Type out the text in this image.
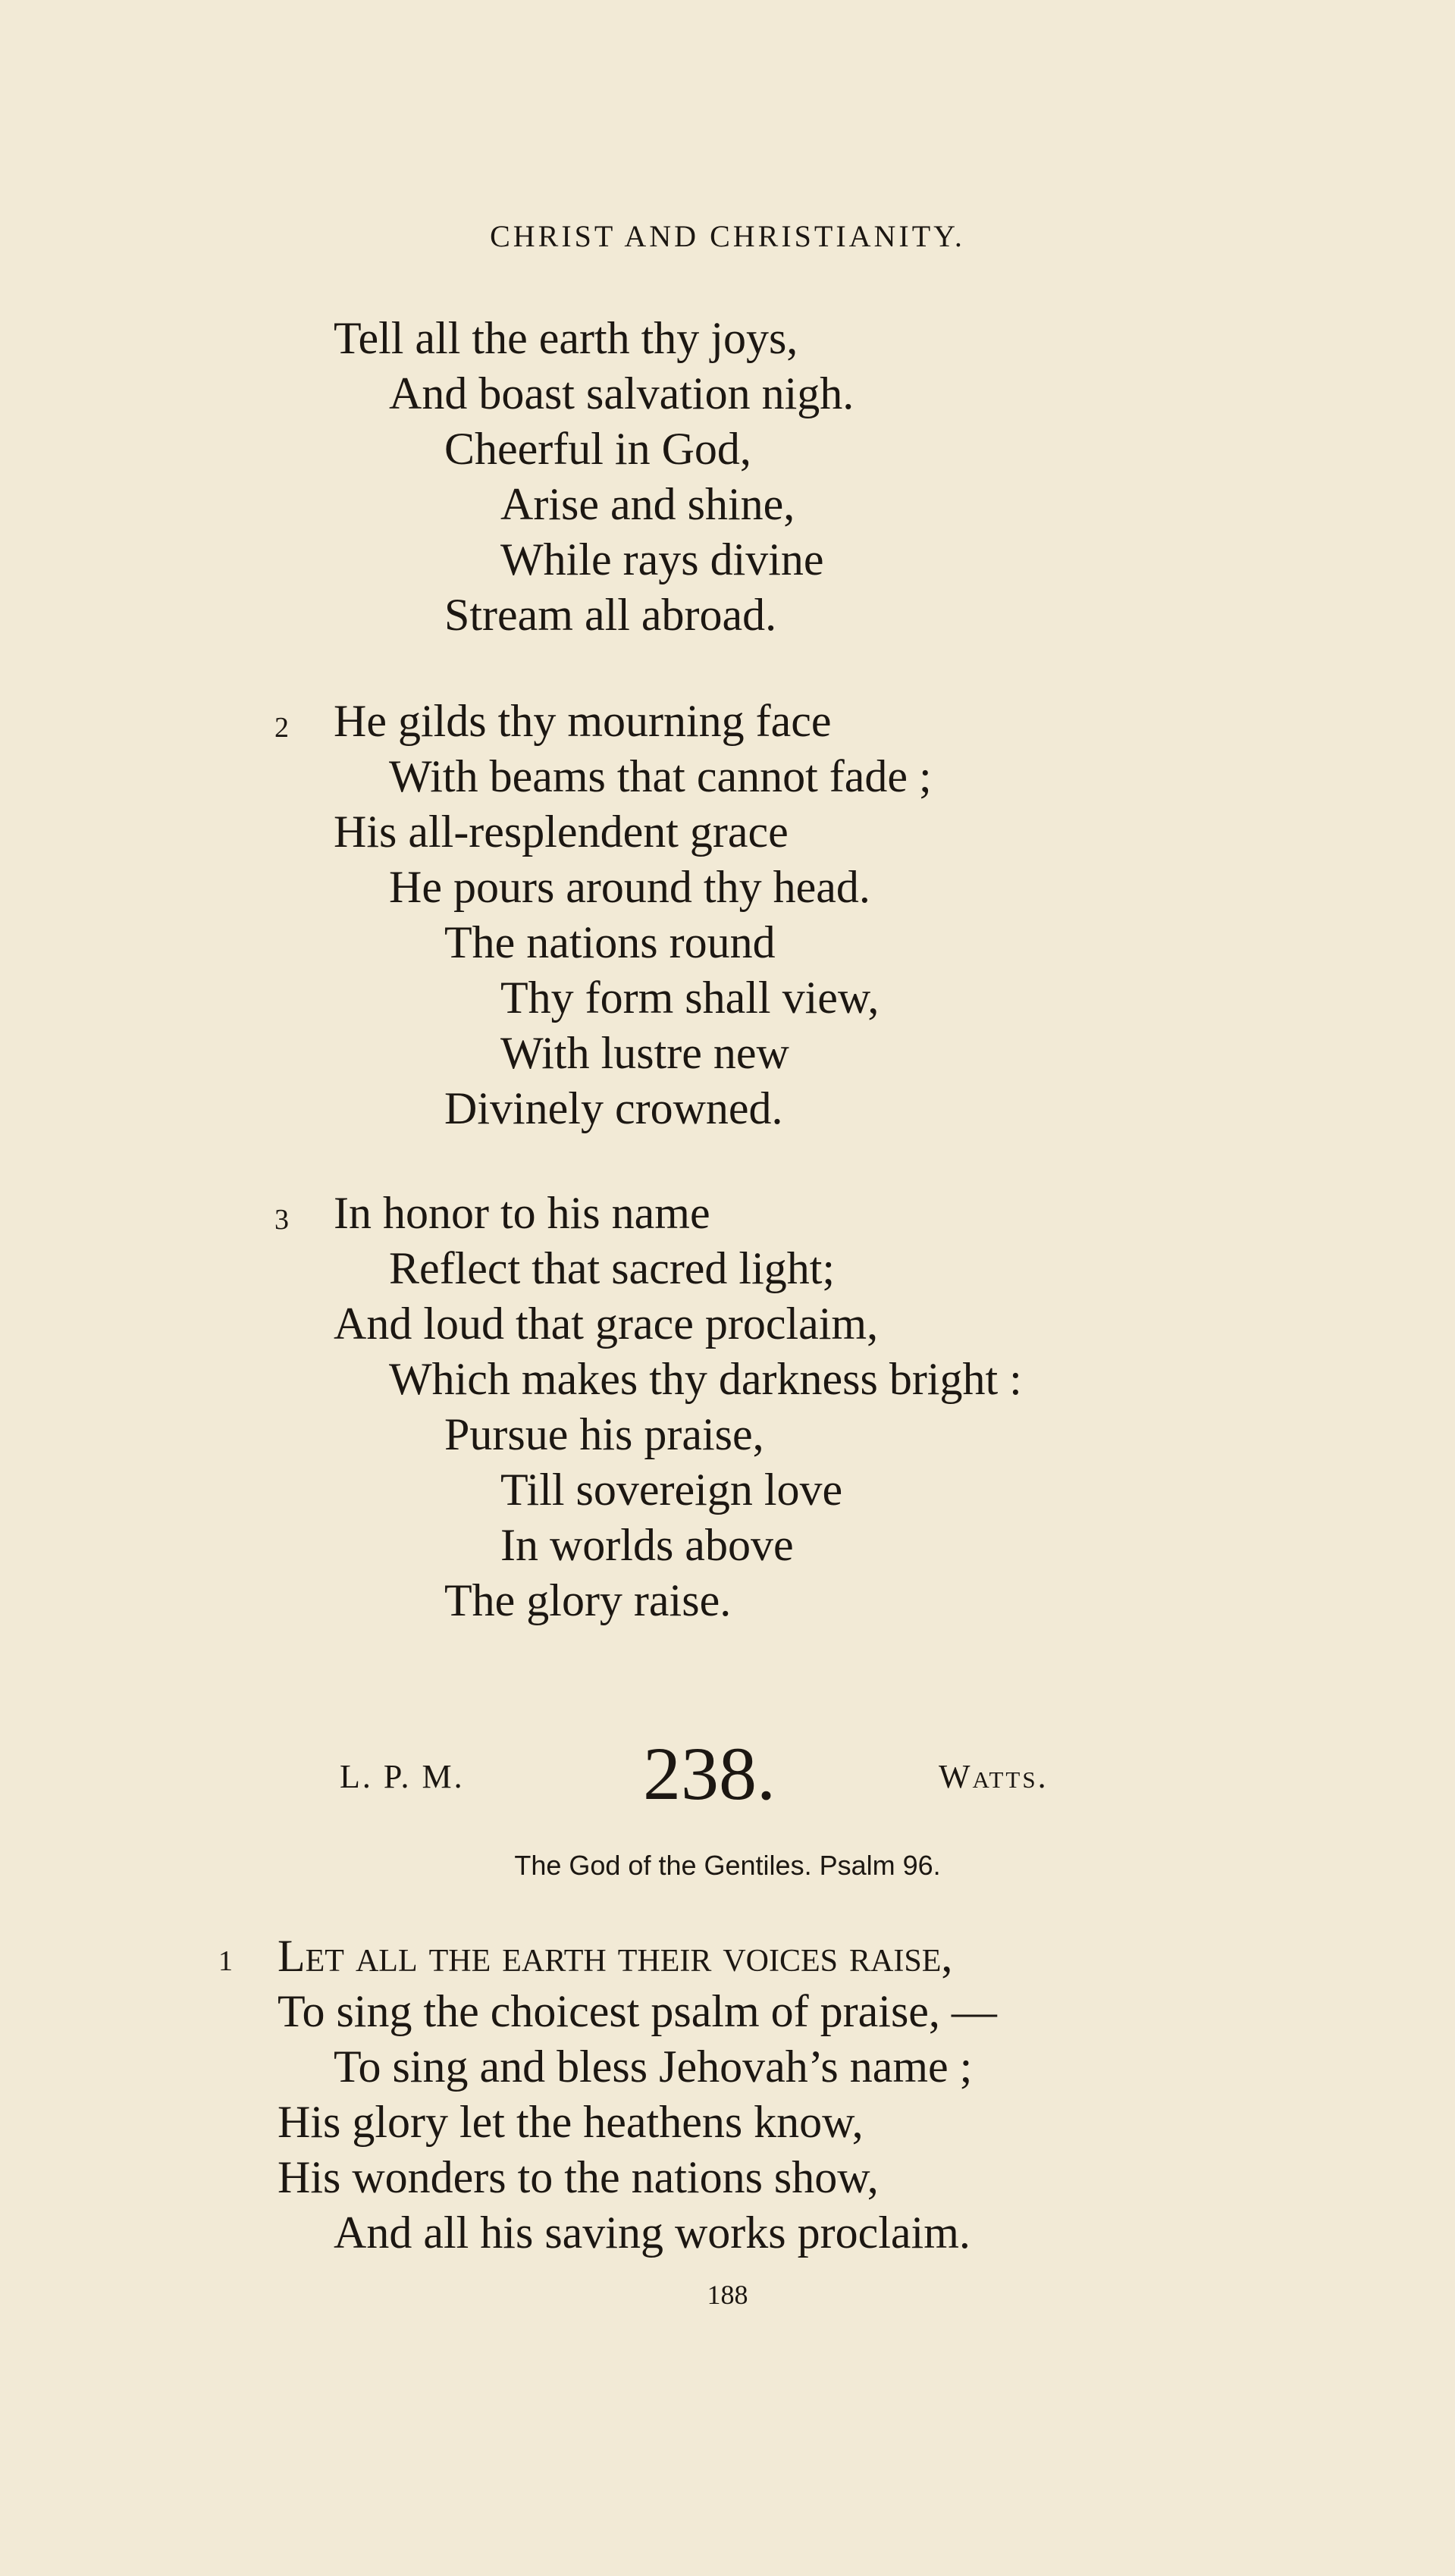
CHRIST AND CHRISTIANITY.
Tell all the earth thy joys,
And boast salvation nigh.
Cheerful in God,
Arise and shine,
While rays divine
Stream all abroad.
2 He gilds thy mourning face
With beams that cannot fade ;
His all-resplendent grace
He pours around thy head.
The nations round
Thy form shall view,
With lustre new
Divinely crowned.
3 In honor to his name
Reflect that sacred light;
And loud that grace proclaim,
Which makes thy darkness bright :
Pursue his praise,
Till sovereign love
In worlds above
The glory raise.
L. P. M. 238.	Watts.
The God of the Gentiles. Psalm 96.
1 Let all the earth their voices raise,
To sing the choicest psalm of praise, —
To sing and bless Jehovah’s name ;
His glory let the heathens know,
His wonders to the nations show,
And all his saving works proclaim.
188
